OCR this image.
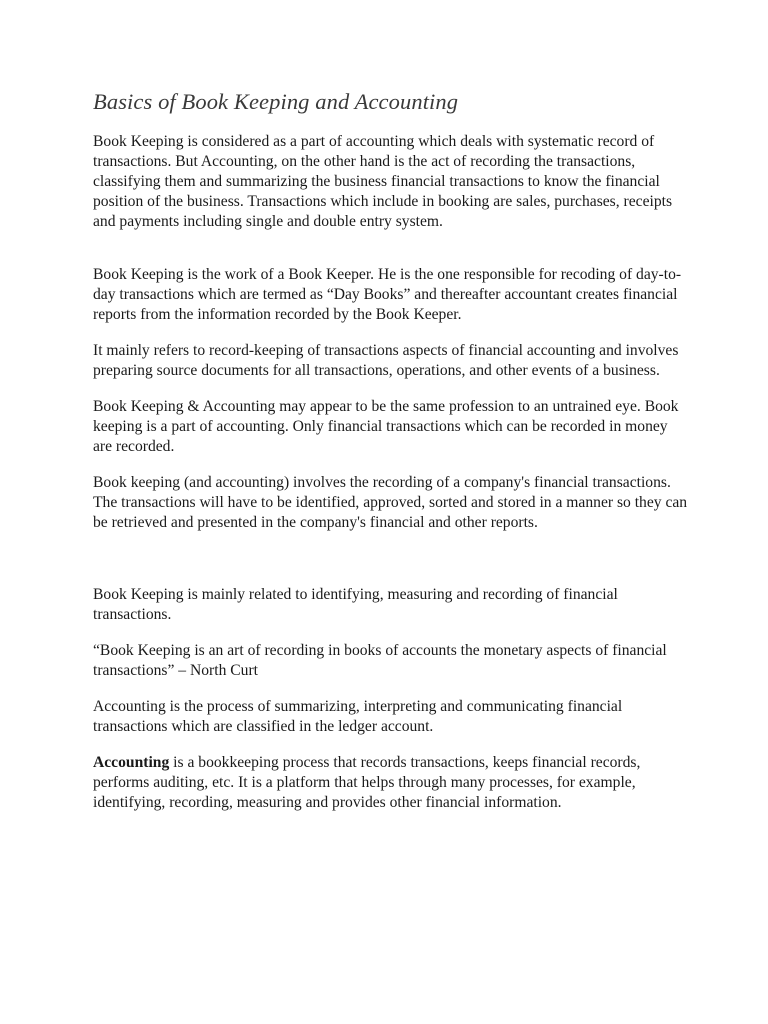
Basics of Book Keeping and Accounting

Book Keeping is considered as a part of accounting which deals with systematic record of transactions. But Accounting, on the other hand is the act of recording the transactions, classifying them and summarizing the business financial transactions to know the financial position of the business. Transactions which include in booking are sales, purchases, receipts and payments including single and double entry system.

Book Keeping is the work of a Book Keeper. He is the one responsible for recoding of day-to-day transactions which are termed as “Day Books” and thereafter accountant creates financial reports from the information recorded by the Book Keeper.

It mainly refers to record-keeping of transactions aspects of financial accounting and involves preparing source documents for all transactions, operations, and other events of a business.

Book Keeping & Accounting may appear to be the same profession to an untrained eye. Book keeping is a part of accounting. Only financial transactions which can be recorded in money are recorded.

Book keeping (and accounting) involves the recording of a company's financial transactions. The transactions will have to be identified, approved, sorted and stored in a manner so they can be retrieved and presented in the company's financial and other reports.

Book Keeping is mainly related to identifying, measuring and recording of financial transactions.

“Book Keeping is an art of recording in books of accounts the monetary aspects of financial transactions” – North Curt

Accounting is the process of summarizing, interpreting and communicating financial transactions which are classified in the ledger account.

Accounting is a bookkeeping process that records transactions, keeps financial records, performs auditing, etc. It is a platform that helps through many processes, for example, identifying, recording, measuring and provides other financial information.
